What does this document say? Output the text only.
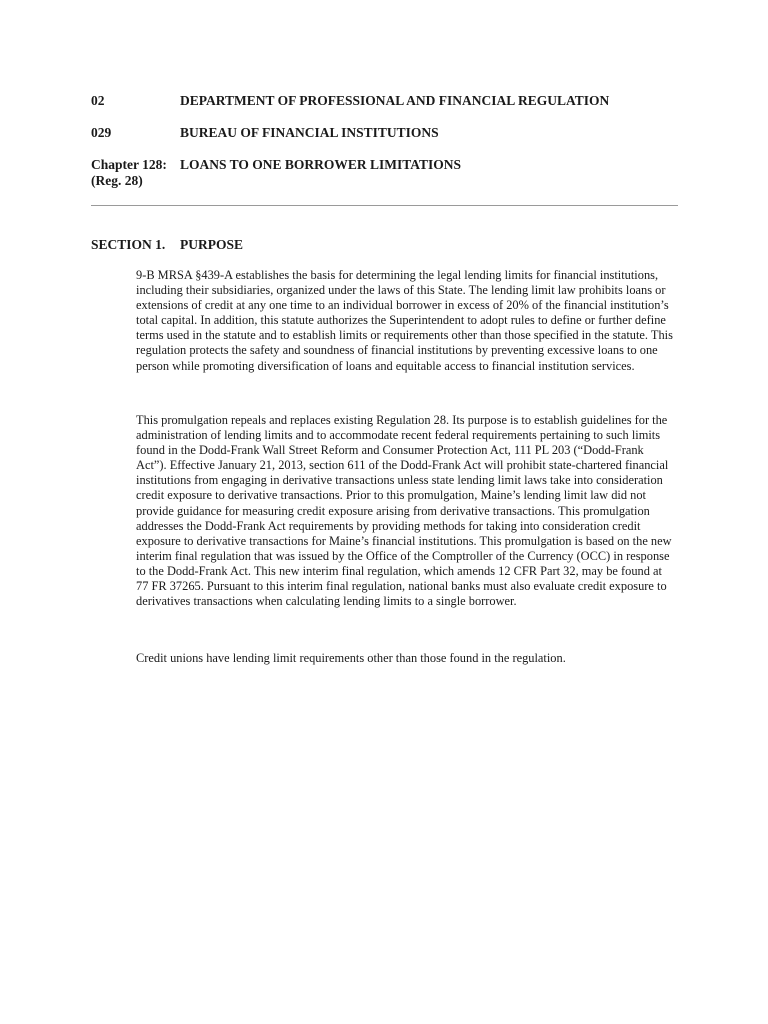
02	DEPARTMENT OF PROFESSIONAL AND FINANCIAL REGULATION
029	BUREAU OF FINANCIAL INSTITUTIONS
Chapter 128: LOANS TO ONE BORROWER LIMITATIONS
(Reg. 28)
SECTION 1. PURPOSE

9-B MRSA §439-A establishes the basis for determining the legal lending limits for financial institutions, including their subsidiaries, organized under the laws of this State. The lending limit law prohibits loans or extensions of credit at any one time to an individual borrower in excess of 20% of the financial institution’s total capital. In addition, this statute authorizes the Superintendent to adopt rules to define or further define terms used in the statute and to establish limits or requirements other than those specified in the statute. This regulation protects the safety and soundness of financial institutions by preventing excessive loans to one person while promoting diversification of loans and equitable access to financial institution services.

This promulgation repeals and replaces existing Regulation 28. Its purpose is to establish guidelines for the administration of lending limits and to accommodate recent federal requirements pertaining to such limits found in the Dodd-Frank Wall Street Reform and Consumer Protection Act, 111 PL 203 (“Dodd-Frank Act”). Effective January 21, 2013, section 611 of the Dodd-Frank Act will prohibit state-chartered financial institutions from engaging in derivative transactions unless state lending limit laws take into consideration credit exposure to derivative transactions. Prior to this promulgation, Maine’s lending limit law did not provide guidance for measuring credit exposure arising from derivative transactions. This promulgation addresses the Dodd-Frank Act requirements by providing methods for taking into consideration credit exposure to derivative transactions for Maine’s financial institutions. This promulgation is based on the new interim final regulation that was issued by the Office of the Comptroller of the Currency (OCC) in response to the Dodd-Frank Act. This new interim final regulation, which amends 12 CFR Part 32, may be found at 77 FR 37265. Pursuant to this interim final regulation, national banks must also evaluate credit exposure to derivatives transactions when calculating lending limits to a single borrower.

Credit unions have lending limit requirements other than those found in the regulation.
